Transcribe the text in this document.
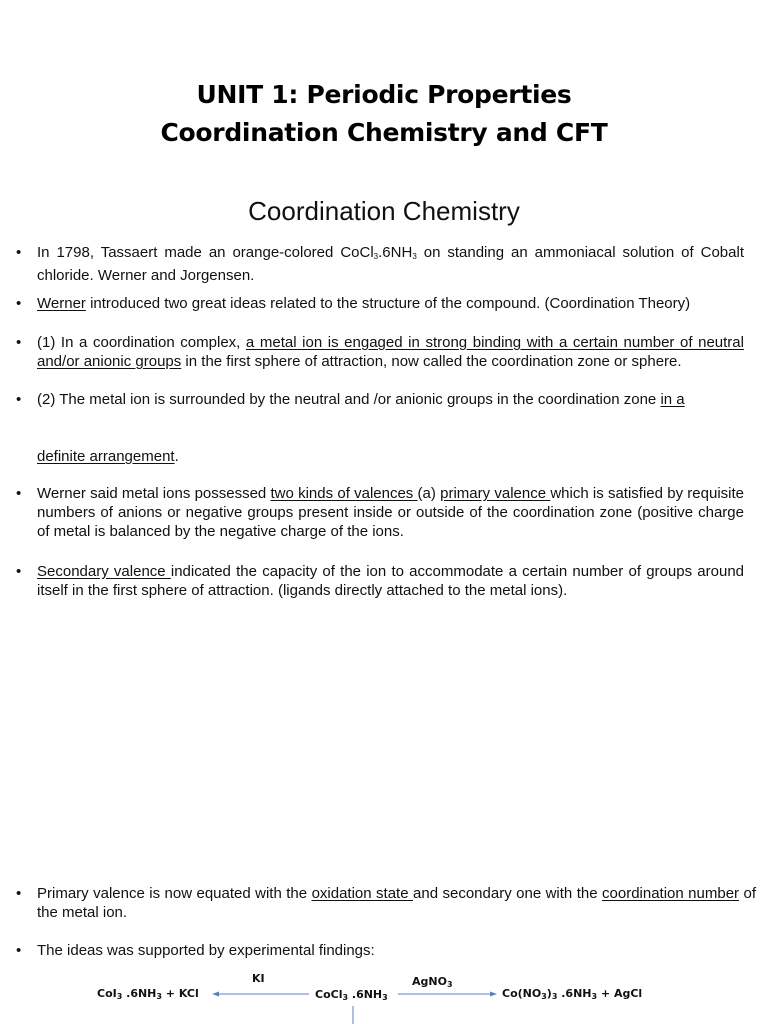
UNIT 1: Periodic Properties
Coordination Chemistry and CFT
Coordination Chemistry
•	In 1798, Tassaert made an orange-colored $CoCl_3.6NH_3$ on standing an ammoniacal solution of Cobalt chloride. Werner and Jorgensen.
•	Werner introduced two great ideas related to the structure of the compound. (Coordination Theory)
•	(1) In a coordination complex, a metal ion is engaged in strong binding with a certain number of neutral and/or anionic groups in the first sphere of attraction, now called the coordination zone or sphere.
•	(2) The metal ion is surrounded by the neutral and /or anionic groups in the coordination zone in a
definite arrangement.
•	Werner said metal ions possessed two kinds of valences (a) primary valence which is satisfied by requisite numbers of anions or negative groups present inside or outside of the coordination zone (positive charge of metal is balanced by the negative charge of the ions.
•	Secondary valence indicated the capacity of the ion to accommodate a certain number of groups around itself in the first sphere of attraction. (ligands directly attached to the metal ions).
•	Primary valence is now equated with the oxidation state and secondary one with the coordination number of the metal ion.
•	The ideas was supported by experimental findings:
KI	AgNO$_3$
CoI$_3$ $.6NH_3$ + KCl	CoCl$_3$ $.6NH_3$	$Co(NO_3)_3$ $.6NH_3$ + AgCl
